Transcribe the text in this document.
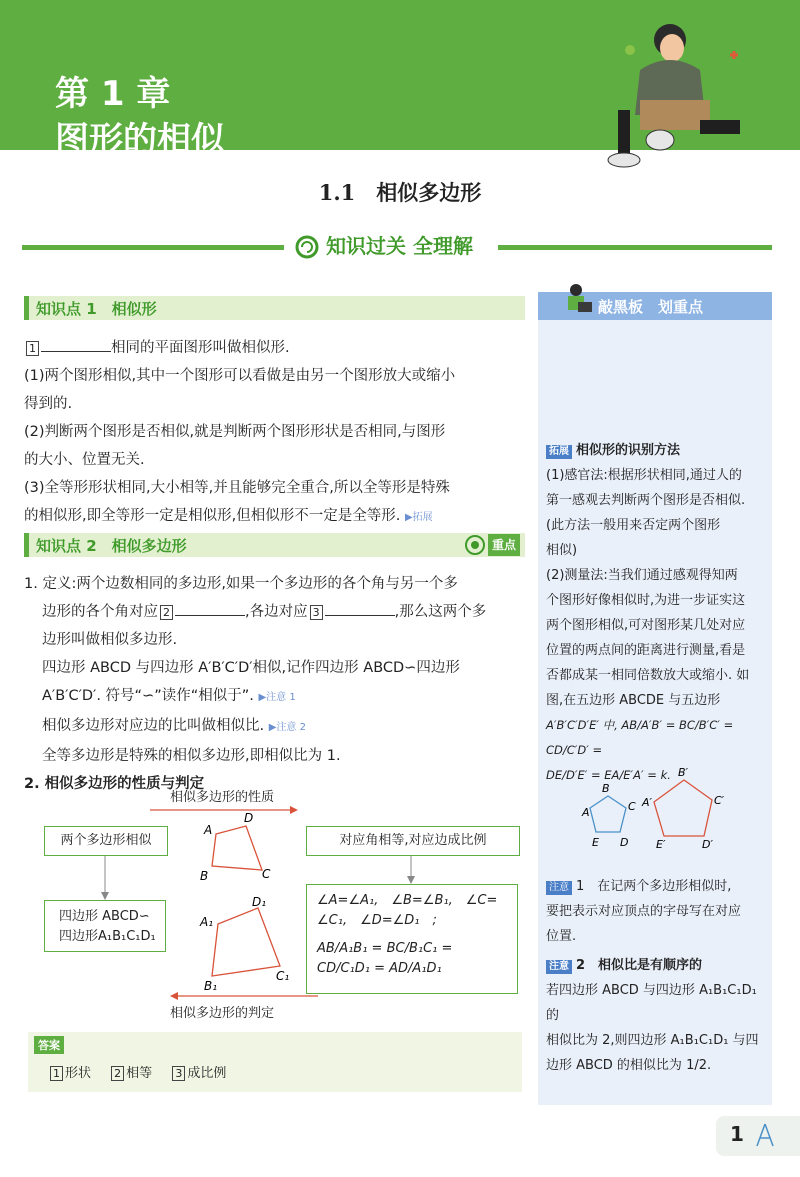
第 1 章
图形的相似
1.1　相似多边形
知识过关 全理解
知识点 1　相似形
1	相同的平面图形叫做相似形.
(1)两个图形相似,其中一个图形可以看做是由另一个图形放大或缩小
得到的.
(2)判断两个图形是否相似,就是判断两个图形形状是否相同,与图形
的大小、位置无关.
(3)全等形形状相同,大小相等,并且能够完全重合,所以全等形是特殊
的相似形,即全等形一定是相似形,但相似形不一定是全等形. ▶拓展
知识点 2　相似多边形	重点
1. 定义:两个边数相同的多边形,如果一个多边形的各个角与另一个多
边形的各个角对应 2	,各边对应 3	,那么这两个多
边形叫做相似多边形.
四边形 ABCD 与四边形 A′B′C′D′相似,记作四边形 ABCD∽四边形
A′B′C′D′. 符号“∽”读作“相似于”. ▶注意 1
相似多边形对应边的比叫做相似比. ▶注意 2
全等多边形是特殊的相似多边形,即相似比为 1.
2. 相似多边形的性质与判定
相似多边形的性质
两个多边形相似
四边形 ABCD∽
四边形A₁B₁C₁D₁
A
B	C
D
A₁
B₁
C₁
D₁
对应角相等,对应边成比例
∠A=∠A₁,　∠B=∠B₁,　∠C=
∠C₁,　∠D=∠D₁　;
AB/A₁B₁ = BC/B₁C₁ = CD/C₁D₁ = AD/A₁D₁
相似多边形的判定
答案
1 形状 2 相等 3 成比例
敲黑板　划重点
拓展 相似形的识别方法
(1)感官法:根据形状相同,通过人的
第一感观去判断两个图形是否相似.
(此方法一般用来否定两个图形
相似)
(2)测量法:当我们通过感观得知两
个图形好像相似时,为进一步证实这
两个图形相似,可对图形某几处对应
位置的两点间的距离进行测量,看是
否都成某一相同倍数放大或缩小. 如
图,在五边形 ABCDE 与五边形
A′B′C′D′E′ 中, AB/A′B′ = BC/B′C′ = CD/C′D′ =
DE/D′E′ = EA/E′A′ = k.
B
C
D
E
A
B′
C′
D′
E′
A′
注意 1　在记两个多边形相似时,
要把表示对应顶点的字母写在对应
位置.
注意 2　相似比是有顺序的
若四边形 ABCD 与四边形 A₁B₁C₁D₁ 的
相似比为 2,则四边形 A₁B₁C₁D₁ 与四
边形 ABCD 的相似比为 1/2.
1
